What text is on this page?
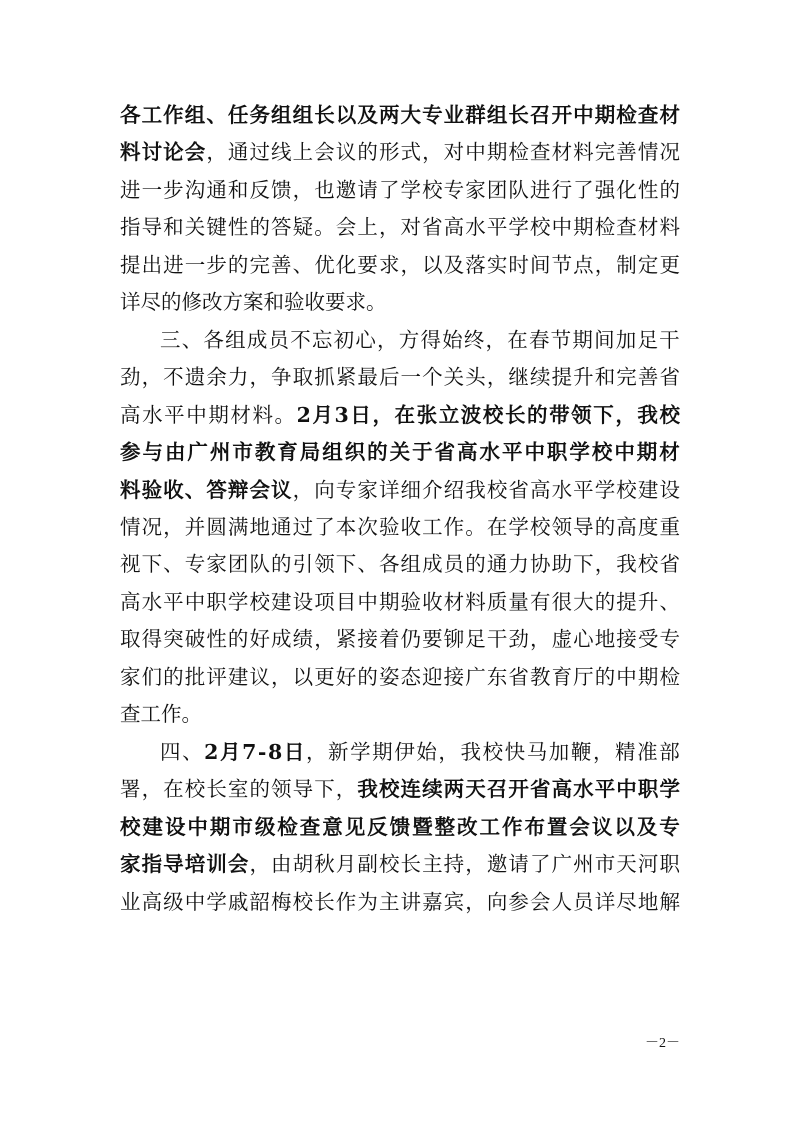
各 工 作 组 、 任 务 组 组 长 以 及 两 大 专 业 群 组 长 召 开 中 期 检 查 材
料 讨 论 会 ， 通 过 线 上 会 议 的 形 式 ， 对 中 期 检 查 材 料 完 善 情 况
进 一 步 沟 通 和 反 馈 ， 也 邀 请 了 学 校 专 家 团 队 进 行 了 强 化 性 的
指 导 和 关 键 性 的 答 疑 。 会 上 ， 对 省 高 水 平 学 校 中 期 检 查 材 料
提 出 进 一 步 的 完 善 、 优 化 要 求 ， 以 及 落 实 时 间 节 点 ， 制 定 更
详 尽 的 修 改 方 案 和 验 收 要 求 。
三 、 各 组 成 员 不 忘 初 心 ， 方 得 始 终 ， 在 春 节 期 间 加 足 干
劲 ， 不 遗 余 力 ， 争 取 抓 紧 最 后 一 个 关 头 ， 继 续 提 升 和 完 善 省
高 水 平 中 期 材 料 。 2 月 3 日 ， 在 张 立 波 校 长 的 带 领 下 ， 我 校
参 与 由 广 州 市 教 育 局 组 织 的 关 于 省 高 水 平 中 职 学 校 中 期 材
料 验 收 、 答 辩 会 议 ， 向 专 家 详 细 介 绍 我 校 省 高 水 平 学 校 建 设
情 况 ， 并 圆 满 地 通 过 了 本 次 验 收 工 作 。 在 学 校 领 导 的 高 度 重
视 下 、 专 家 团 队 的 引 领 下 、 各 组 成 员 的 通 力 协 助 下 ， 我 校 省
高 水 平 中 职 学 校 建 设 项 目 中 期 验 收 材 料 质 量 有 很 大 的 提 升 、
取 得 突 破 性 的 好 成 绩 ， 紧 接 着 仍 要 铆 足 干 劲 ， 虚 心 地 接 受 专
家 们 的 批 评 建 议 ， 以 更 好 的 姿 态 迎 接 广 东 省 教 育 厅 的 中 期 检
查 工 作 。
四 、 2 月 7 - 8 日 ， 新 学 期 伊 始 ， 我 校 快 马 加 鞭 ， 精 准 部
署 ， 在 校 长 室 的 领 导 下 ， 我 校 连 续 两 天 召 开 省 高 水 平 中 职 学
校 建 设 中 期 市 级 检 查 意 见 反 馈 暨 整 改 工 作 布 置 会 议 以 及 专
家 指 导 培 训 会 ， 由 胡 秋 月 副 校 长 主 持 ， 邀 请 了 广 州 市 天 河 职
业 高 级 中 学 戚 韶 梅 校 长 作 为 主 讲 嘉 宾 ， 向 参 会 人 员 详 尽 地 解
－2－
